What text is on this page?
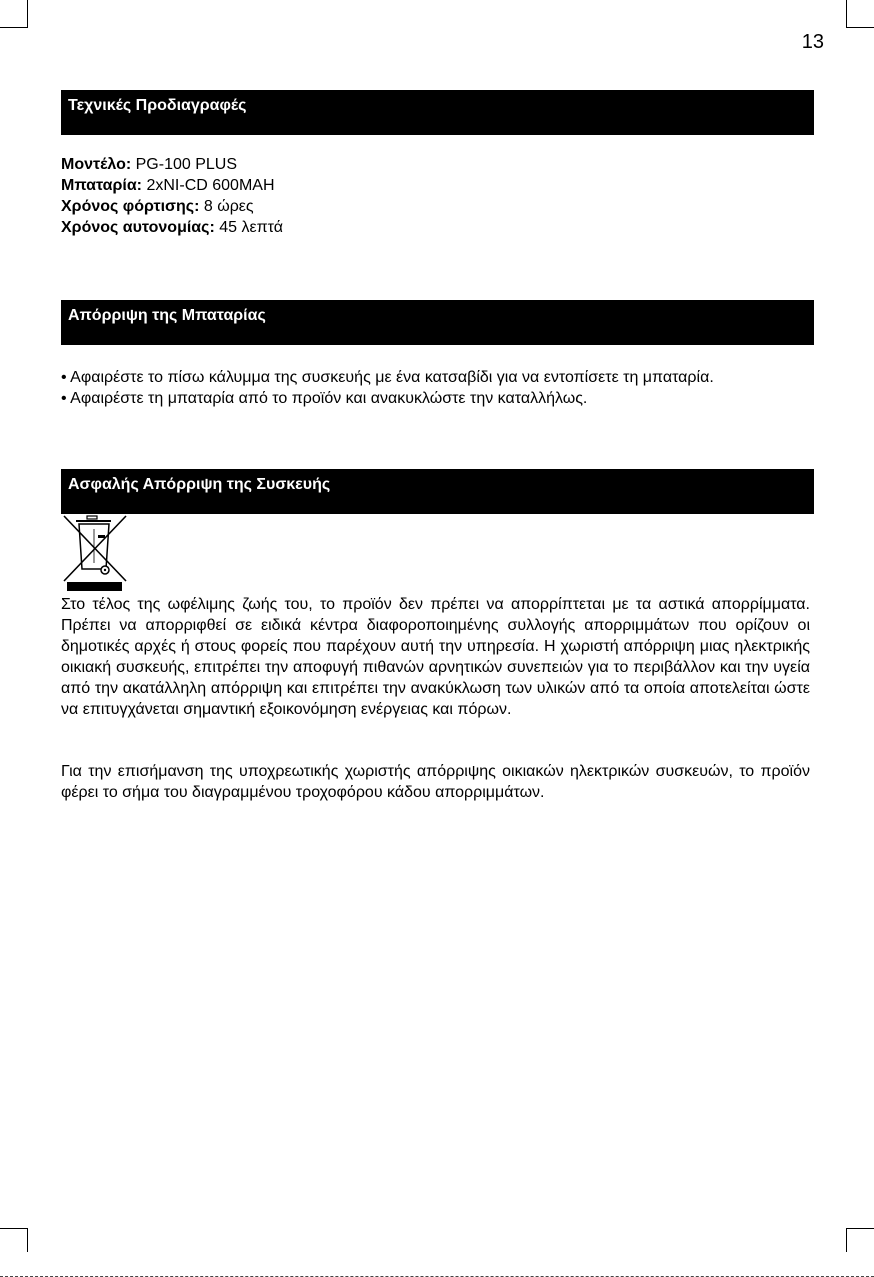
13
Τεχνικές Προδιαγραφές
Μοντέλο: PG-100 PLUS
Μπαταρία: 2xNI-CD 600MAH
Χρόνος φόρτισης: 8 ώρες
Χρόνος αυτονομίας: 45 λεπτά
Απόρριψη της Μπαταρίας
• Αφαιρέστε το πίσω κάλυμμα της συσκευής με ένα κατσαβίδι για να εντοπίσετε τη μπαταρία.
• Αφαιρέστε τη μπαταρία από το προϊόν και ανακυκλώστε την καταλλήλως.
Ασφαλής Απόρριψη της Συσκευής
Στο τέλος της ωφέλιμης ζωής του, το προϊόν δεν πρέπει να απορρίπτεται με τα αστικά απορρίμματα. Πρέπει να απορριφθεί σε ειδικά κέντρα διαφοροποιημένης συλλογής απορριμμάτων που ορίζουν οι δημοτικές αρχές ή στους φορείς που παρέχουν αυτή την υπηρεσία. Η χωριστή απόρριψη μιας ηλεκτρικής οικιακή συσκευής, επιτρέπει την αποφυγή πιθανών αρνητικών συνεπειών για το περιβάλλον και την υγεία από την ακατάλληλη απόρριψη και επιτρέπει την ανακύκλωση των υλικών από τα οποία αποτελείται ώστε να επιτυγχάνεται σημαντική εξοικονόμηση ενέργειας και πόρων.
Για την επισήμανση της υποχρεωτικής χωριστής απόρριψης οικιακών ηλεκτρικών συσκευών, το προϊόν φέρει το σήμα του διαγραμμένου τροχοφόρου κάδου απορριμμάτων.
